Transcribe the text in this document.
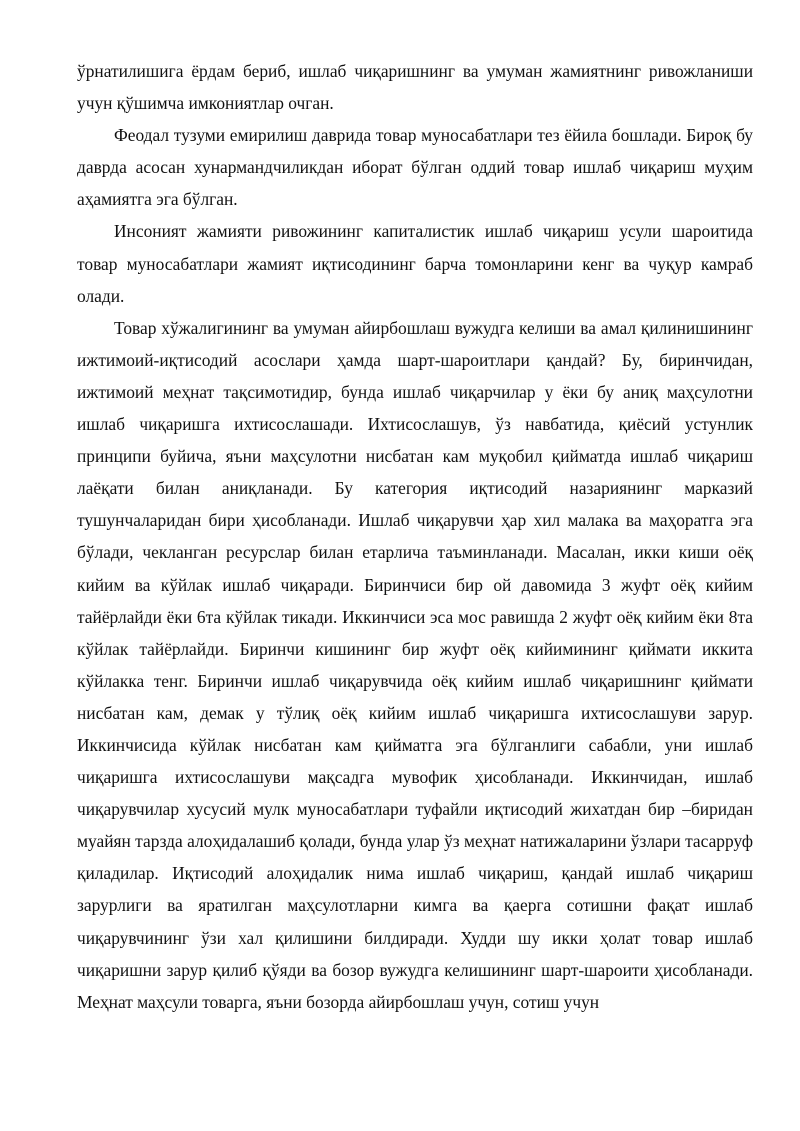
ўрнатилишига ёрдам бериб, ишлаб чиқаришнинг ва умуман жамиятнинг ривожланиши учун қўшимча имкониятлар очган.

Феодал тузуми емирилиш даврида товар муносабатлари тез ёйила бошлади. Бироқ бу даврда асосан хунармандчиликдан иборат бўлган оддий товар ишлаб чиқариш муҳим аҳамиятга эга бўлган.

Инсоният жамияти ривожининг капиталистик ишлаб чиқариш усули шароитида товар муносабатлари жамият иқтисодининг барча томонларини кенг ва чуқур камраб олади.

Товар хўжалигининг ва умуман айирбошлаш вужудга келиши ва амал қилинишининг ижтимоий-иқтисодий асослари ҳамда шарт-шароитлари қандай? Бу, биринчидан, ижтимоий меҳнат тақсимотидир, бунда ишлаб чиқарчилар у ёки бу аниқ маҳсулотни ишлаб чиқаришга ихтисослашади. Ихтисослашув, ўз навбатида, қиёсий устунлик принципи буйича, яъни маҳсулотни нисбатан кам муқобил қийматда ишлаб чиқариш лаёқати билан аниқланади. Бу категория иқтисодий назариянинг марказий тушунчаларидан бири ҳисобланади. Ишлаб чиқарувчи ҳар хил малака ва маҳоратга эга бўлади, чекланган ресурслар билан етарлича таъминланади. Масалан, икки киши оёқ кийим ва кўйлак ишлаб чиқаради. Биринчиси бир ой давомида 3 жуфт оёқ кийим тайёрлайди ёки 6та кўйлак тикади. Иккинчиси эса мос равишда 2 жуфт оёқ кийим ёки 8та кўйлак тайёрлайди. Биринчи кишининг бир жуфт оёқ кийимининг қиймати иккита кўйлакка тенг. Биринчи ишлаб чиқарувчида оёқ кийим ишлаб чиқаришнинг қиймати нисбатан кам, демак у тўлиқ оёқ кийим ишлаб чиқаришга ихтисослашуви зарур. Иккинчисида кўйлак нисбатан кам қийматга эга бўлганлиги сабабли, уни ишлаб чиқаришга ихтисослашуви мақсадга мувофик ҳисобланади. Иккинчидан, ишлаб чиқарувчилар хусусий мулк муносабатлари туфайли иқтисодий жихатдан бир –биридан муайян тарзда алоҳидалашиб қолади, бунда улар ўз меҳнат натижаларини ўзлари тасарруф қиладилар. Иқтисодий алоҳидалик нима ишлаб чиқариш, қандай ишлаб чиқариш зарурлиги ва яратилган маҳсулотларни кимга ва қаерга сотишни фақат ишлаб чиқарувчининг ўзи хал қилишини билдиради. Худди шу икки ҳолат товар ишлаб чиқаришни зарур қилиб қўяди ва бозор вужудга келишининг шарт-шароити ҳисобланади. Меҳнат маҳсули товарга, яъни бозорда айирбошлаш учун, сотиш учун
